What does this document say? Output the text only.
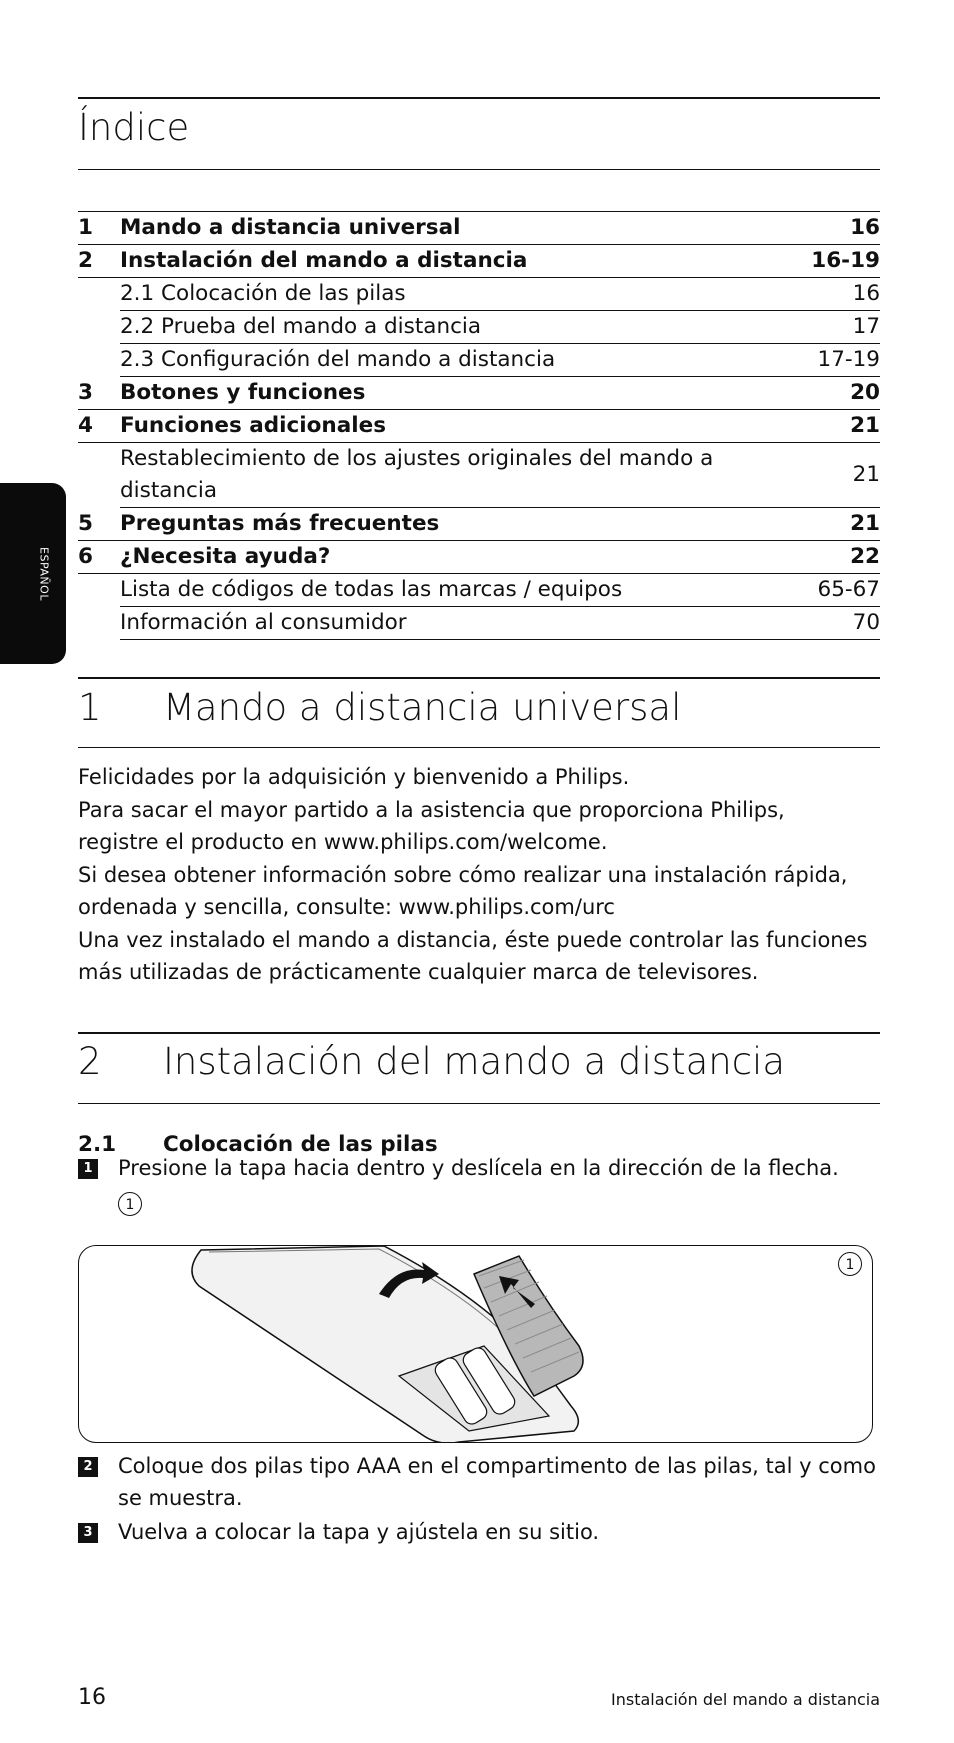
ESPAÑOL
Índice
1	Mando a distancia universal	16
2	Instalación del mando a distancia	16-19
	2.1 Colocación de las pilas	16
	2.2 Prueba del mando a distancia	17
	2.3 Configuración del mando a distancia	17-19
3	Botones y funciones	20
4	Funciones adicionales	21
	Restablecimiento de los ajustes originales del mando a distancia	21
5	Preguntas más frecuentes	21
6	¿Necesita ayuda?	22
	Lista de códigos de todas las marcas / equipos	65-67
	Información al consumidor	70
1 Mando a distancia universal

Felicidades por la adquisición y bienvenido a Philips.

Para sacar el mayor partido a la asistencia que proporciona Philips,

registre el producto en www.philips.com/welcome.

Si desea obtener información sobre cómo realizar una instalación rápida,

ordenada y sencilla, consulte: www.philips.com/urc

Una vez instalado el mando a distancia, éste puede controlar las funciones

más utilizadas de prácticamente cualquier marca de televisores.

2 Instalación del mando a distancia
2.1 Colocación de las pilas
1 Presione la tapa hacia dentro y deslícela en la dirección de la flecha.
1
1
2 Coloque dos pilas tipo AAA en el compartimento de las pilas, tal y como se muestra.
3 Vuelva a colocar la tapa y ajústela en su sitio.
16	Instalación del mando a distancia
